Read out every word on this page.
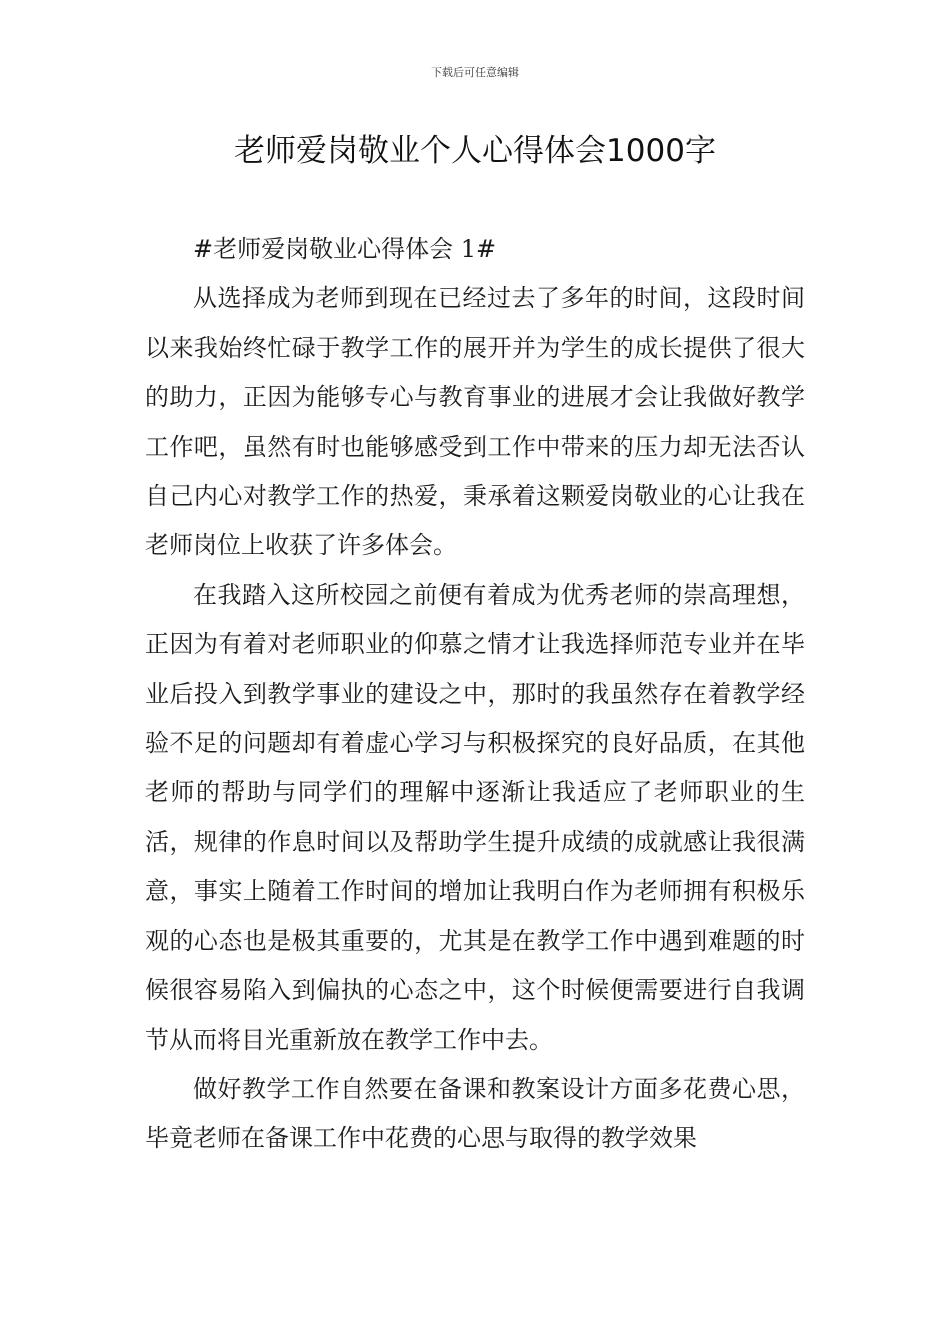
下载后可任意编辑
老师爱岗敬业个人心得体会1000字

#老师爱岗敬业心得体会 1#

从选择成为老师到现在已经过去了多年的时间，这段时间以来我始终忙碌于教学工作的展开并为学生的成长提供了很大的助力，正因为能够专心与教育事业的进展才会让我做好教学工作吧，虽然有时也能够感受到工作中带来的压力却无法否认自己内心对教学工作的热爱，秉承着这颗爱岗敬业的心让我在老师岗位上收获了许多体会。

在我踏入这所校园之前便有着成为优秀老师的崇高理想，正因为有着对老师职业的仰慕之情才让我选择师范专业并在毕业后投入到教学事业的建设之中，那时的我虽然存在着教学经验不足的问题却有着虚心学习与积极探究的良好品质，在其他老师的帮助与同学们的理解中逐渐让我适应了老师职业的生活，规律的作息时间以及帮助学生提升成绩的成就感让我很满意，事实上随着工作时间的增加让我明白作为老师拥有积极乐观的心态也是极其重要的，尤其是在教学工作中遇到难题的时候很容易陷入到偏执的心态之中，这个时候便需要进行自我调节从而将目光重新放在教学工作中去。

做好教学工作自然要在备课和教案设计方面多花费心思，毕竟老师在备课工作中花费的心思与取得的教学效果
